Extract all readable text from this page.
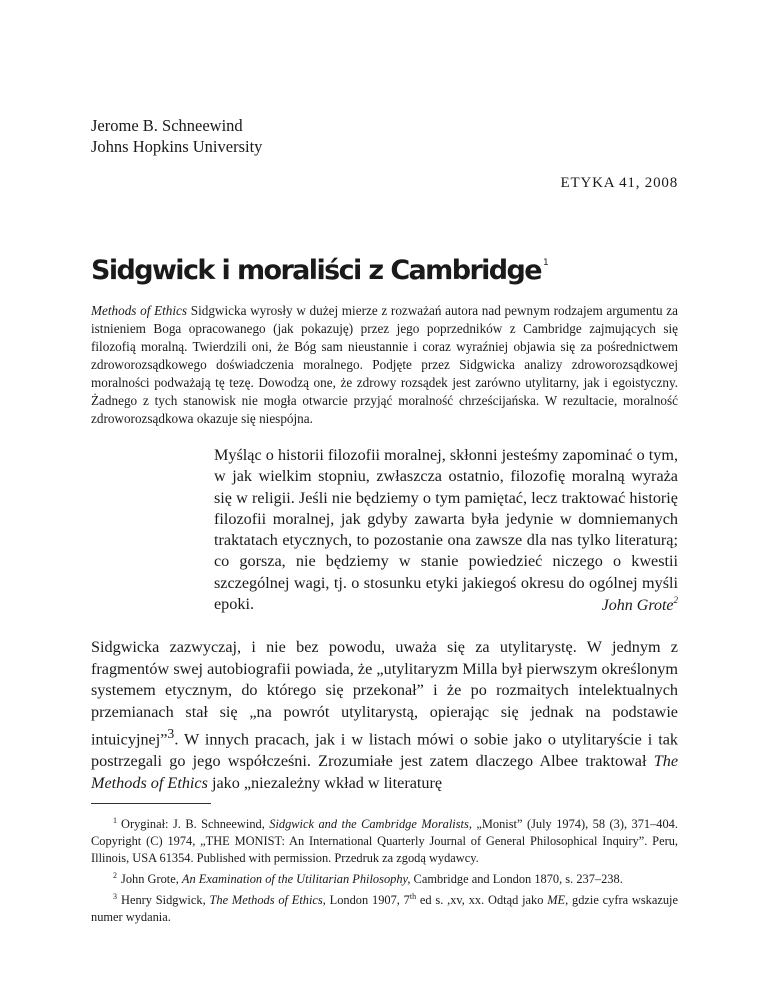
Jerome B. Schneewind
Johns Hopkins University
ETYKA 41, 2008
Sidgwick i moraliści z Cambridge $^1$

Methods of Ethics Sidgwicka wyrosły w dużej mierze z rozważań autora nad pewnym rodzajem argumentu za istnieniem Boga opracowanego (jak pokazuję) przez jego poprzedników z Cambridge zajmujących się filozofią moralną. Twierdzili oni, że Bóg sam nieustannie i coraz wyraźniej objawia się za pośrednictwem zdroworozsądkowego doświadczenia moralnego. Podjęte przez Sidgwicka analizy zdroworozsądkowej moralności podważają tę tezę. Dowodzą one, że zdrowy rozsądek jest zarówno utylitarny, jak i egoistyczny. Żadnego z tych stanowisk nie mogła otwarcie przyjąć moralność chrześcijańska. W rezultacie, moralność zdroworozsądkowa okazuje się niespójna.

Myśląc o historii filozofii moralnej, skłonni jesteśmy zapominać o tym, w jak wielkim stopniu, zwłaszcza ostatnio, filozofię moralną wyraża się w religii. Jeśli nie będziemy o tym pamiętać, lecz traktować historię filozofii moralnej, jak gdyby zawarta była jedynie w domniemanych traktatach etycznych, to pozostanie ona zawsze dla nas tylko literaturą; co gorsza, nie będziemy w stanie powiedzieć niczego o kwestii szczególnej wagi, tj. o stosunku etyki jakiegoś okresu do ogólnej myśli epoki.	John Grote$^2$

Sidgwicka zazwyczaj, i nie bez powodu, uważa się za utylitarystę. W jednym z fragmentów swej autobiografii powiada, że „utylitaryzm Milla był pierwszym określonym systemem etycznym, do którego się przekonał” i że po rozmaitych intelektualnych przemianach stał się „na powrót utylitarystą, opierając się jednak na podstawie intuicyjnej”$^3$. W innych pracach, jak i w listach mówi o sobie jako o utylitaryście i tak postrzegali go jego współcześni. Zrozumiałe jest zatem dlaczego Albee traktował The Methods of Ethics jako „niezależny wkład w literaturę

$^1$ Oryginał: J. B. Schneewind, Sidgwick and the Cambridge Moralists, „Monist” (July 1974), 58 (3), 371–404. Copyright (C) 1974, „THE MONIST: An International Quarterly Journal of General Philosophical Inquiry”. Peru, Illinois, USA 61354. Published with permission. Przedruk za zgodą wydawcy.

$^2$ John Grote, An Examination of the Utilitarian Philosophy, Cambridge and London 1870, s. 237–238.

$^3$ Henry Sidgwick, The Methods of Ethics, London 1907, 7th ed s. ,xv, xx. Odtąd jako ME, gdzie cyfra wskazuje numer wydania.
